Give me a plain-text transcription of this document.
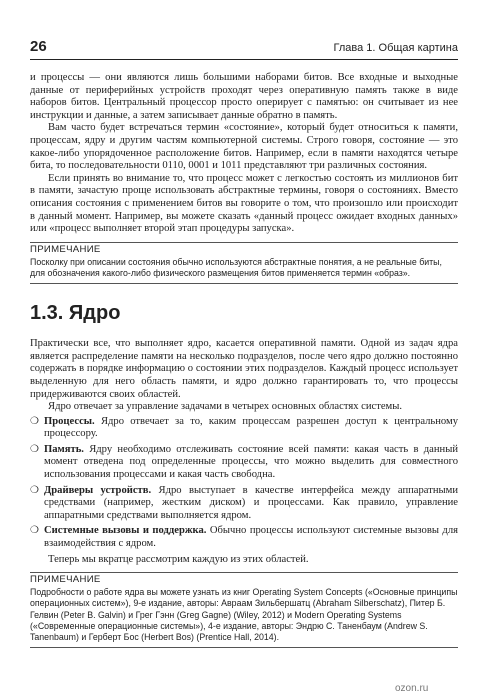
26	Глава 1. Общая картина

и процессы — они являются лишь большими наборами битов. Все входные и выходные данные от периферийных устройств проходят через оперативную память также в виде наборов битов. Центральный процессор просто оперирует с памятью: он считывает из нее инструкции и данные, а затем записывает данные обратно в память.

Вам часто будет встречаться термин «состояние», который будет относиться к памяти, процессам, ядру и другим частям компьютерной системы. Строго говоря, состояние — это какое-либо упорядоченное расположение битов. Например, если в памяти находятся четыре бита, то последовательности 0110, 0001 и 1011 представляют три различных состояния.

Если принять во внимание то, что процесс может с легкостью состоять из миллионов бит в памяти, зачастую проще использовать абстрактные термины, говоря о состояниях. Вместо описания состояния с применением битов вы говорите о том, что произошло или происходит в данный момент. Например, вы можете сказать «данный процесс ожидает входных данных» или «процесс выполняет второй этап процедуры запуска».

ПРИМЕЧАНИЕ
Посколку при описании состояния обычно используются абстрактные понятия, а не реальные биты, для обозначения какого-либо физического размещения битов применяется термин «образ».
1.3. Ядро

Практически все, что выполняет ядро, касается оперативной памяти. Одной из задач ядра является распределение памяти на несколько подразделов, после чего ядро должно постоянно содержать в порядке информацию о состоянии этих подразделов. Каждый процесс использует выделенную для него область памяти, и ядро должно гарантировать то, что процессы придерживаются своих областей.

Ядро отвечает за управление задачами в четырех основных областях системы.

❍ Процессы. Ядро отвечает за то, каким процессам разрешен доступ к центральному процессору.
❍ Память. Ядру необходимо отслеживать состояние всей памяти: какая часть в данный момент отведена под определенные процессы, что можно выделить для совместного использования процессами и какая часть свободна.
❍ Драйверы устройств. Ядро выступает в качестве интерфейса между аппаратными средствами (например, жестким диском) и процессами. Как правило, управление аппаратными средствами выполняется ядром.
❍ Системные вызовы и поддержка. Обычно процессы используют системные вызовы для взаимодействия с ядром.

Теперь мы вкратце рассмотрим каждую из этих областей.

ПРИМЕЧАНИЕ
Подробности о работе ядра вы можете узнать из книг Operating System Concepts («Основные принципы операционных систем»), 9-е издание, авторы: Авраам Зильбершатц (Abraham Silberschatz), Питер Б. Гелвин (Peter B. Galvin) и Грег Гэнн (Greg Gagne) (Wiley, 2012) и Modern Operating Systems («Современные операционные системы»), 4-е издание, авторы: Эндрю С. Таненбаум (Andrew S. Tanenbaum) и Герберт Бос (Herbert Bos) (Prentice Hall, 2014).
ozon.ru
